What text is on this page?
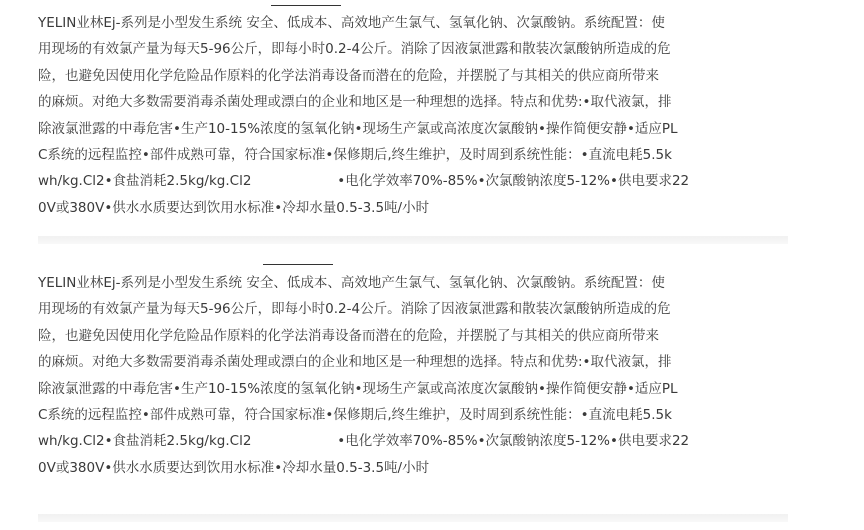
YELIN业林Ej-系列是小型发生系统 安全、低成本、高效地产生氯气、氢氧化钠、次氯酸钠。系统配置：使
用现场的有效氯产量为每天5-96公斤，即每小时0.2-4公斤。消除了因液氯泄露和散装次氯酸钠所造成的危
险，也避免因使用化学危险品作原料的化学法消毒设备而潜在的危险，并摆脱了与其相关的供应商所带来
的麻烦。对绝大多数需要消毒杀菌处理或漂白的企业和地区是一种理想的选择。特点和优势:•取代液氯，排
除液氯泄露的中毒危害•生产10-15%浓度的氢氧化钠•现场生产氯或高浓度次氯酸钠•操作简便安静•适应PL
C系统的远程监控•部件成熟可靠，符合国家标准•保修期后,终生维护，及时周到系统性能：•直流电耗5.5k
wh/kg.Cl2•食盐消耗2.5kg/kg.Cl2                    •电化学效率70%-85%•次氯酸钠浓度5-12%•供电要求22
0V或380V•供水水质要达到饮用水标准•冷却水量0.5-3.5吨/小时
YELIN业林Ej-系列是小型发生系统 安全、低成本、高效地产生氯气、氢氧化钠、次氯酸钠。系统配置：使
用现场的有效氯产量为每天5-96公斤，即每小时0.2-4公斤。消除了因液氯泄露和散装次氯酸钠所造成的危
险，也避免因使用化学危险品作原料的化学法消毒设备而潜在的危险，并摆脱了与其相关的供应商所带来
的麻烦。对绝大多数需要消毒杀菌处理或漂白的企业和地区是一种理想的选择。特点和优势:•取代液氯，排
除液氯泄露的中毒危害•生产10-15%浓度的氢氧化钠•现场生产氯或高浓度次氯酸钠•操作简便安静•适应PL
C系统的远程监控•部件成熟可靠，符合国家标准•保修期后,终生维护，及时周到系统性能：•直流电耗5.5k
wh/kg.Cl2•食盐消耗2.5kg/kg.Cl2                    •电化学效率70%-85%•次氯酸钠浓度5-12%•供电要求22
0V或380V•供水水质要达到饮用水标准•冷却水量0.5-3.5吨/小时
